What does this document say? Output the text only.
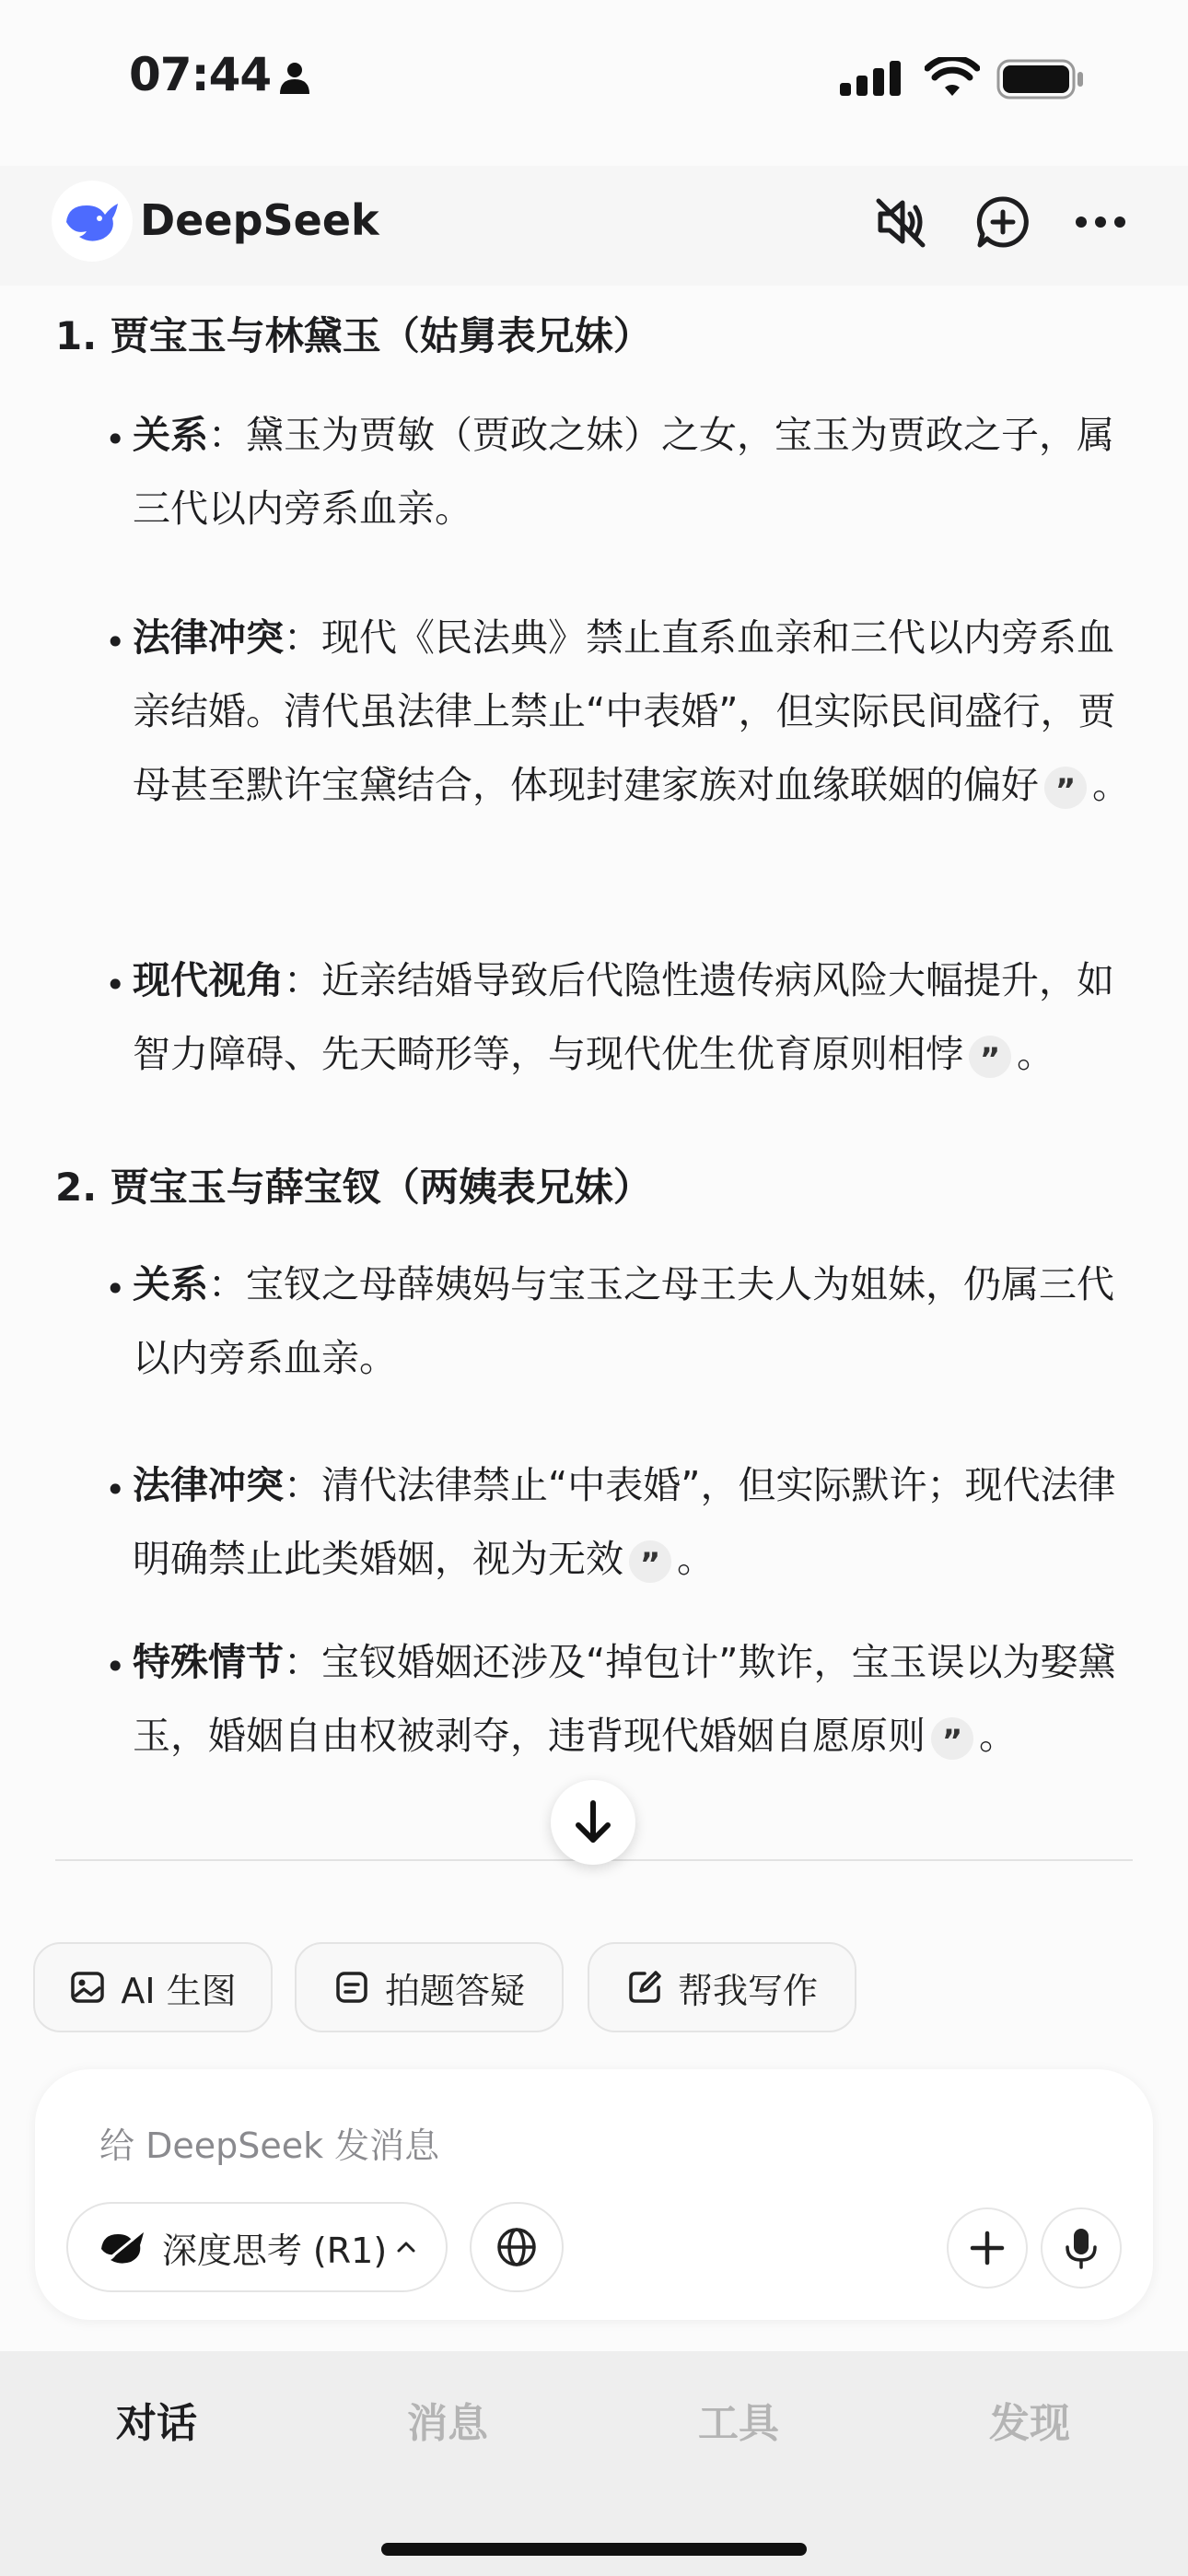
07:44
DeepSeek
1. 贾宝玉与林黛玉（姑舅表兄妹）
• 关系：黛玉为贾敏（贾政之妹）之女，宝玉为贾政之子，属三代以内旁系血亲。
• 法律冲突：现代《民法典》禁止直系血亲和三代以内旁系血亲结婚。清代虽法律上禁止“中表婚”，但实际民间盛行，贾母甚至默许宝黛结合，体现封建家族对血缘联姻的偏好 ” 。
• 现代视角：近亲结婚导致后代隐性遗传病风险大幅提升，如智力障碍、先天畸形等，与现代优生优育原则相悖 ” 。
2. 贾宝玉与薛宝钗（两姨表兄妹）
• 关系：宝钗之母薛姨妈与宝玉之母王夫人为姐妹，仍属三代以内旁系血亲。
• 法律冲突：清代法律禁止“中表婚”，但实际默许；现代法律明确禁止此类婚姻，视为无效 ” 。
• 特殊情节：宝钗婚姻还涉及“掉包计”欺诈，宝玉误以为娶黛玉，婚姻自由权被剥夺，违背现代婚姻自愿原则 ” 。
AI 生图	拍题答疑	帮我写作
给 DeepSeek 发消息
深度思考 (R1)
对话	消息	工具	发现
